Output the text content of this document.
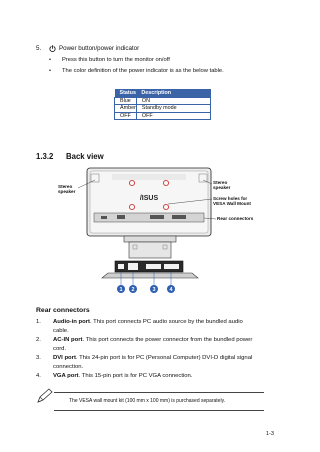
5.	Power button/power indicator
•	Press this button to turn the monitor on/off
•	The color definition of the power indicator is as the below table.
Status	Description
Blue	ON
Amber	Standby mode
OFF	OFF
1.3.2	Back view
/ISUS
1 2	3	4
Stereo
speaker
Stereo
speaker
Screw holes for
VESA Wall Mount
Rear connectors
Rear connectors
1.	Audio-in port. This port connects PC audio source by the bundled audio
cable.
2.	AC-IN port. This port connects the power connector from the bundled power
cord.
3.	DVI port. This 24-pin port is for PC (Personal Computer) DVI-D digital signal
connection.
4.	VGA port. This 15-pin port is for PC VGA connection.
The VESA wall mount kit (100 mm x 100 mm) is purchased separately.
1-3
